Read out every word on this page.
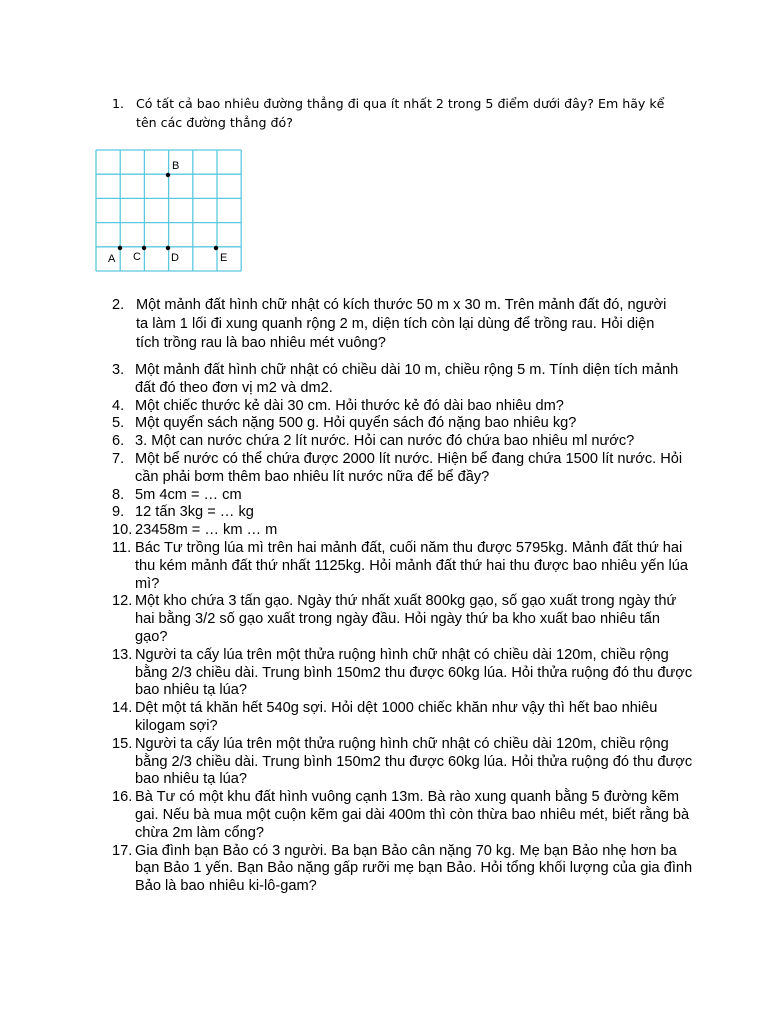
1. Có tất cả bao nhiêu đường thẳng đi qua ít nhất 2 trong 5 điểm dưới đây? Em hãy kể tên các đường thẳng đó?
B
A C	D	E
2. Một mảnh đất hình chữ nhật có kích thước 50 m x 30 m. Trên mảnh đất đó, người ta làm 1 lối đi xung quanh rộng 2 m, diện tích còn lại dùng để trồng rau. Hỏi diện tích trồng rau là bao nhiêu mét vuông?
3. Một mảnh đất hình chữ nhật có chiều dài 10 m, chiều rộng 5 m. Tính diện tích mảnh đất đó theo đơn vị m2 và dm2.
4. Một chiếc thước kẻ dài 30 cm. Hỏi thước kẻ đó dài bao nhiêu dm?
5. Một quyển sách nặng 500 g. Hỏi quyển sách đó nặng bao nhiêu kg?
6. 3. Một can nước chứa 2 lít nước. Hỏi can nước đó chứa bao nhiêu ml nước?
7. Một bể nước có thể chứa được 2000 lít nước. Hiện bể đang chứa 1500 lít nước. Hỏi cần phải bơm thêm bao nhiêu lít nước nữa để bể đầy?
8. 5m 4cm = … cm
9. 12 tấn 3kg = … kg
10. 23458m = … km … m
11. Bác Tư trồng lúa mì trên hai mảnh đất, cuối năm thu được 5795kg. Mảnh đất thứ hai thu kém mảnh đất thứ nhất 1125kg. Hỏi mảnh đất thứ hai thu được bao nhiêu yến lúa mì?
12. Một kho chứa 3 tấn gạo. Ngày thứ nhất xuất 800kg gạo, số gạo xuất trong ngày thứ hai bằng 3/2 số gạo xuất trong ngày đầu. Hỏi ngày thứ ba kho xuất bao nhiêu tấn gạo?
13. Người ta cấy lúa trên một thửa ruộng hình chữ nhật có chiều dài 120m, chiều rộng bằng 2/3 chiều dài. Trung bình 150m2 thu được 60kg lúa. Hỏi thửa ruộng đó thu được bao nhiêu tạ lúa?
14. Dệt một tá khăn hết 540g sợi. Hỏi dệt 1000 chiếc khăn như vậy thì hết bao nhiêu kilogam sợi?
15. Người ta cấy lúa trên một thửa ruộng hình chữ nhật có chiều dài 120m, chiều rộng bằng 2/3 chiều dài. Trung bình 150m2 thu được 60kg lúa. Hỏi thửa ruộng đó thu được bao nhiêu tạ lúa?
16. Bà Tư có một khu đất hình vuông cạnh 13m. Bà rào xung quanh bằng 5 đường kẽm gai. Nếu bà mua một cuộn kẽm gai dài 400m thì còn thừa bao nhiêu mét, biết rằng bà chừa 2m làm cổng?
17. Gia đình bạn Bảo có 3 người. Ba bạn Bảo cân nặng 70 kg. Mẹ bạn Bảo nhẹ hơn ba bạn Bảo 1 yến. Bạn Bảo nặng gấp rưỡi mẹ bạn Bảo. Hỏi tổng khối lượng của gia đình Bảo là bao nhiêu ki-lô-gam?
